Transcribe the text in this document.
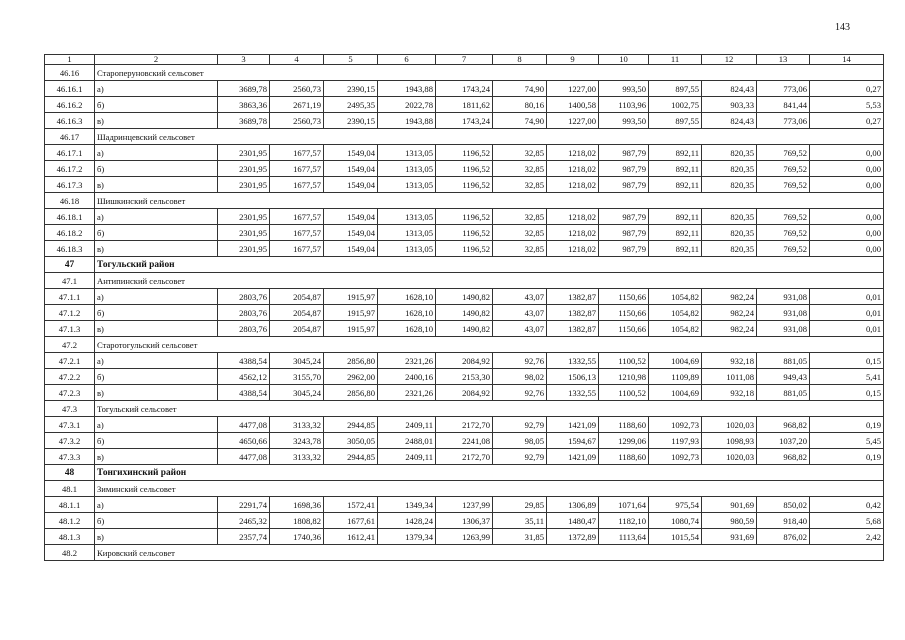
143
1	2	3	4	5	6	7	8	9	10	11	12	13	14
46.16	Староперуновский сельсовет												
46.16.1	а)	3689,78	2560,73	2390,15	1943,88	1743,24	74,90	1227,00	993,50	897,55	824,43	773,06	0,27
46.16.2	б)	3863,36	2671,19	2495,35	2022,78	1811,62	80,16	1400,58	1103,96	1002,75	903,33	841,44	5,53
46.16.3	в)	3689,78	2560,73	2390,15	1943,88	1743,24	74,90	1227,00	993,50	897,55	824,43	773,06	0,27
46.17	Шадринцевский сельсовет												
46.17.1	а)	2301,95	1677,57	1549,04	1313,05	1196,52	32,85	1218,02	987,79	892,11	820,35	769,52	0,00
46.17.2	б)	2301,95	1677,57	1549,04	1313,05	1196,52	32,85	1218,02	987,79	892,11	820,35	769,52	0,00
46.17.3	в)	2301,95	1677,57	1549,04	1313,05	1196,52	32,85	1218,02	987,79	892,11	820,35	769,52	0,00
46.18	Шишкинский сельсовет												
46.18.1	а)	2301,95	1677,57	1549,04	1313,05	1196,52	32,85	1218,02	987,79	892,11	820,35	769,52	0,00
46.18.2	б)	2301,95	1677,57	1549,04	1313,05	1196,52	32,85	1218,02	987,79	892,11	820,35	769,52	0,00
46.18.3	в)	2301,95	1677,57	1549,04	1313,05	1196,52	32,85	1218,02	987,79	892,11	820,35	769,52	0,00
47	Тогульский район												
47.1	Антипинский сельсовет												
47.1.1	а)	2803,76	2054,87	1915,97	1628,10	1490,82	43,07	1382,87	1150,66	1054,82	982,24	931,08	0,01
47.1.2	б)	2803,76	2054,87	1915,97	1628,10	1490,82	43,07	1382,87	1150,66	1054,82	982,24	931,08	0,01
47.1.3	в)	2803,76	2054,87	1915,97	1628,10	1490,82	43,07	1382,87	1150,66	1054,82	982,24	931,08	0,01
47.2	Старотогульский сельсовет												
47.2.1	а)	4388,54	3045,24	2856,80	2321,26	2084,92	92,76	1332,55	1100,52	1004,69	932,18	881,05	0,15
47.2.2	б)	4562,12	3155,70	2962,00	2400,16	2153,30	98,02	1506,13	1210,98	1109,89	1011,08	949,43	5,41
47.2.3	в)	4388,54	3045,24	2856,80	2321,26	2084,92	92,76	1332,55	1100,52	1004,69	932,18	881,05	0,15
47.3	Тогульский сельсовет												
47.3.1	а)	4477,08	3133,32	2944,85	2409,11	2172,70	92,79	1421,09	1188,60	1092,73	1020,03	968,82	0,19
47.3.2	б)	4650,66	3243,78	3050,05	2488,01	2241,08	98,05	1594,67	1299,06	1197,93	1098,93	1037,20	5,45
47.3.3	в)	4477,08	3133,32	2944,85	2409,11	2172,70	92,79	1421,09	1188,60	1092,73	1020,03	968,82	0,19
48	Тонгихинский район												
48.1	Зиминский сельсовет												
48.1.1	а)	2291,74	1698,36	1572,41	1349,34	1237,99	29,85	1306,89	1071,64	975,54	901,69	850,02	0,42
48.1.2	б)	2465,32	1808,82	1677,61	1428,24	1306,37	35,11	1480,47	1182,10	1080,74	980,59	918,40	5,68
48.1.3	в)	2357,74	1740,36	1612,41	1379,34	1263,99	31,85	1372,89	1113,64	1015,54	931,69	876,02	2,42
48.2	Кировский сельсовет												
